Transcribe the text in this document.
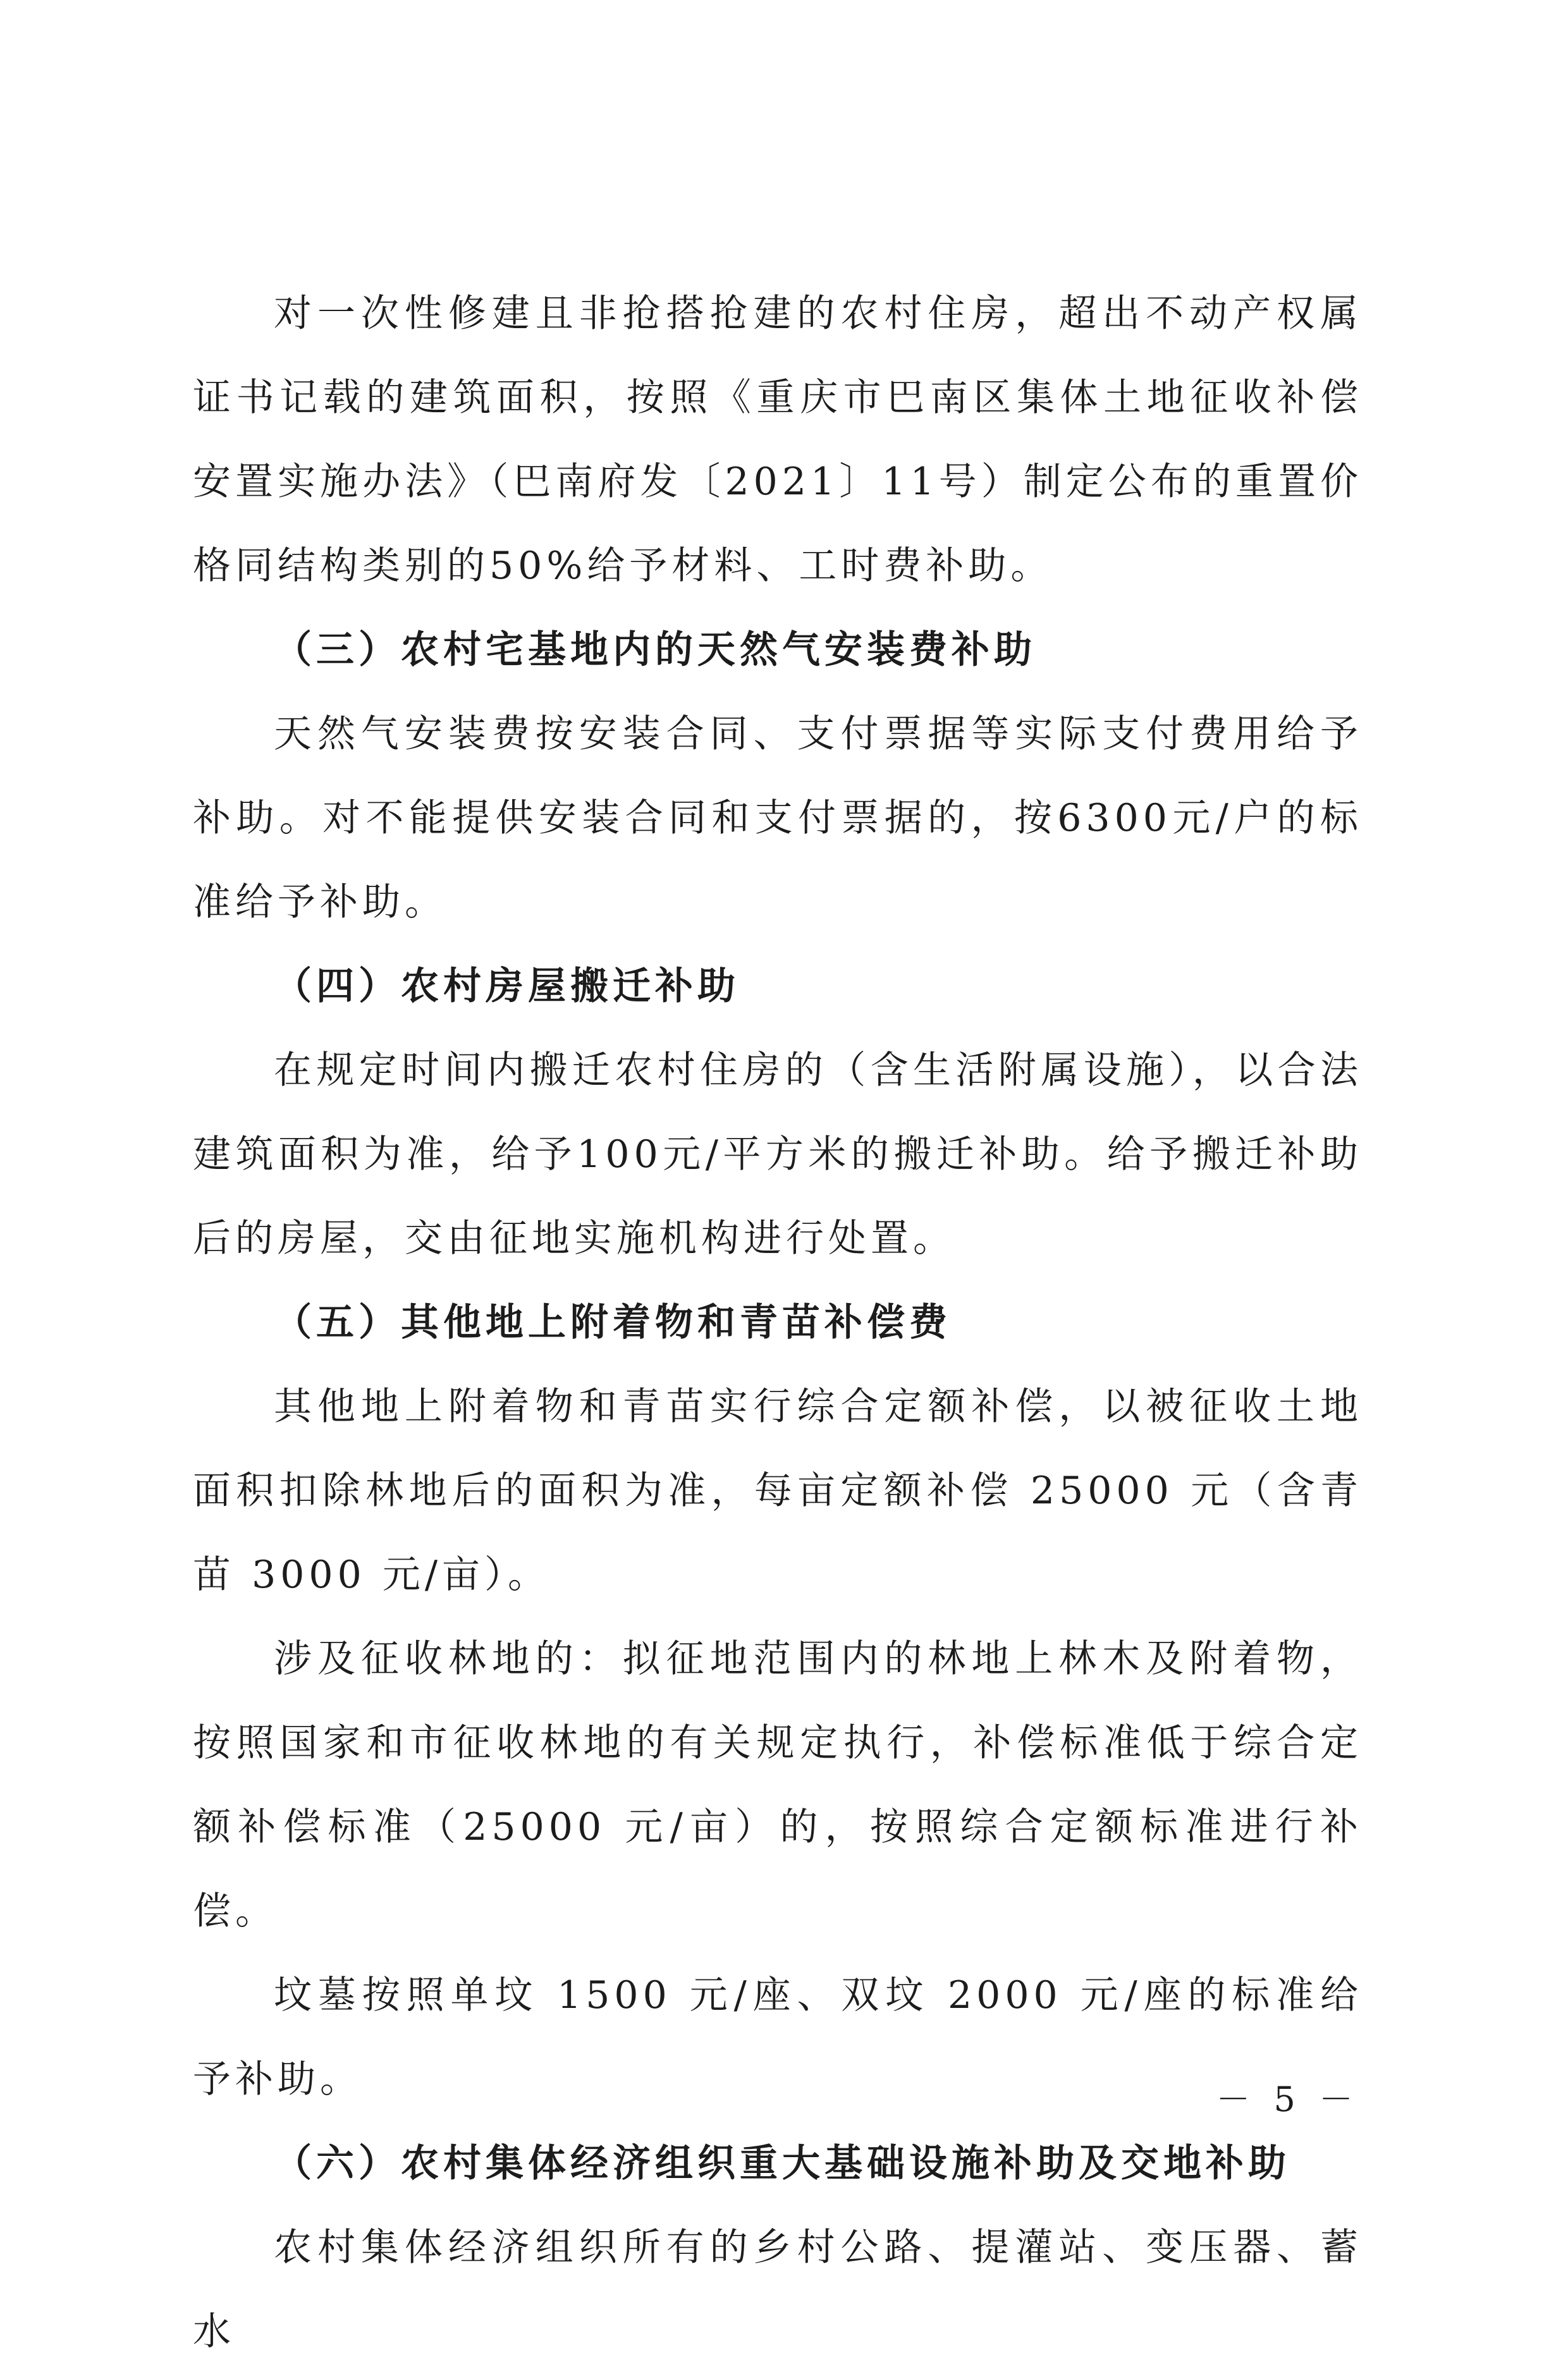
对一次性修建且非抢搭抢建的农村住房，超出不动产权属证书记载的建筑面积，按照《重庆市巴南区集体土地征收补偿安置实施办法》（巴南府发〔2021〕11号）制定公布的重置价格同结构类别的50%给予材料、工时费补助。

（三）农村宅基地内的天然气安装费补助

天然气安装费按安装合同、支付票据等实际支付费用给予补助。对不能提供安装合同和支付票据的，按6300元/户的标准给予补助。

（四）农村房屋搬迁补助

在规定时间内搬迁农村住房的（含生活附属设施），以合法建筑面积为准，给予100元/平方米的搬迁补助。给予搬迁补助后的房屋，交由征地实施机构进行处置。

（五）其他地上附着物和青苗补偿费

其他地上附着物和青苗实行综合定额补偿，以被征收土地面积扣除林地后的面积为准，每亩定额补偿 25000 元（含青苗 3000 元/亩）。

涉及征收林地的：拟征地范围内的林地上林木及附着物，按照国家和市征收林地的有关规定执行，补偿标准低于综合定额补偿标准（25000 元/亩）的，按照综合定额标准进行补偿。

坟墓按照单坟 1500 元/座、双坟 2000 元/座的标准给予补助。

（六）农村集体经济组织重大基础设施补助及交地补助

农村集体经济组织所有的乡村公路、提灌站、变压器、蓄水

－ 5 －
